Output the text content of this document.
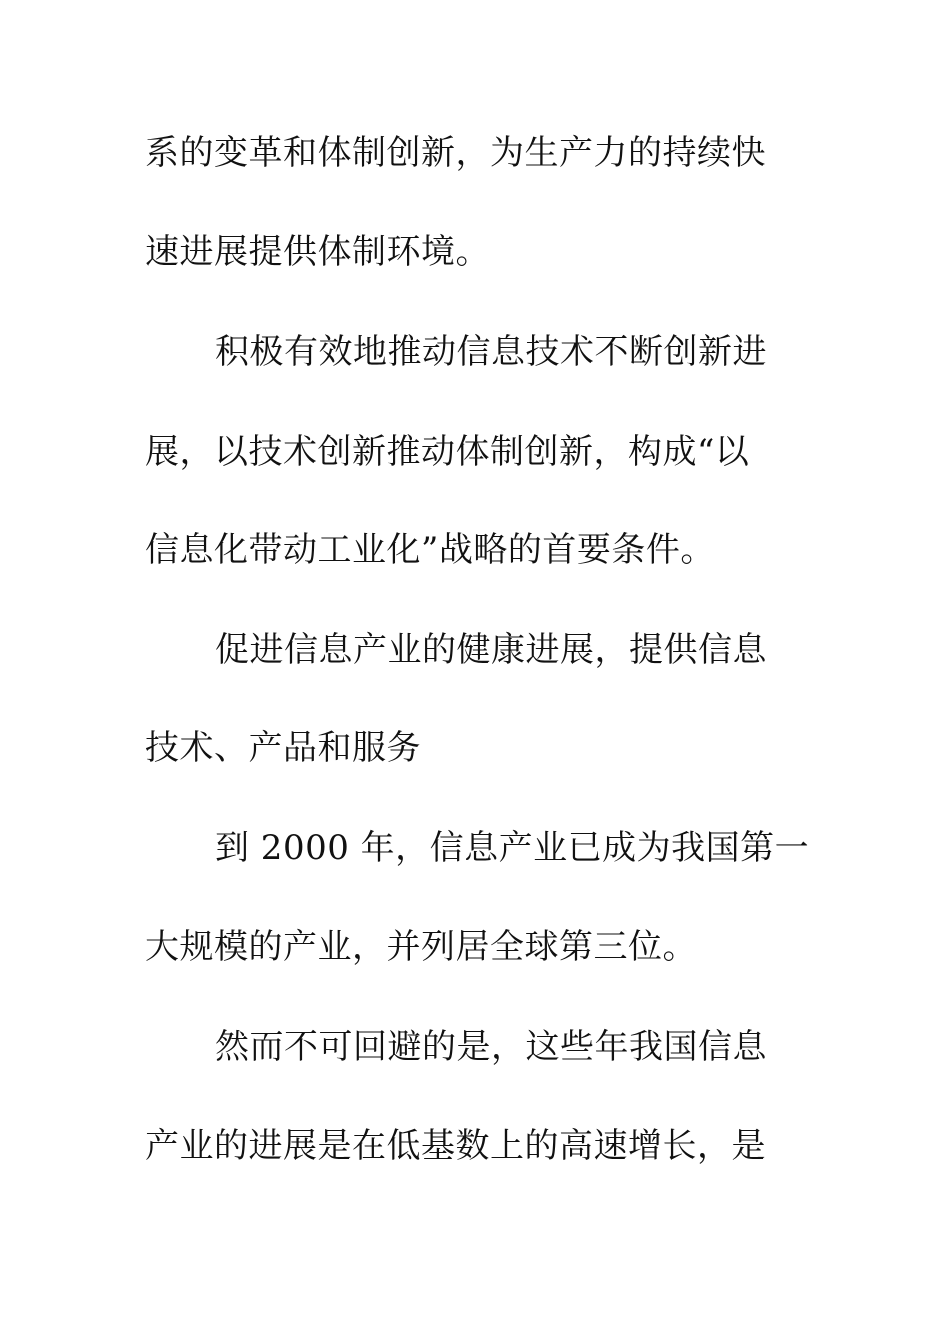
系的变革和体制创新，为生产力的持续快
速进展提供体制环境。
积极有效地推动信息技术不断创新进
展，以技术创新推动体制创新，构成“以
信息化带动工业化”战略的首要条件。
促进信息产业的健康进展，提供信息
技术、产品和服务
到 2000 年，信息产业已成为我国第一
大规模的产业，并列居全球第三位。
然而不可回避的是，这些年我国信息
产业的进展是在低基数上的高速增长，是
